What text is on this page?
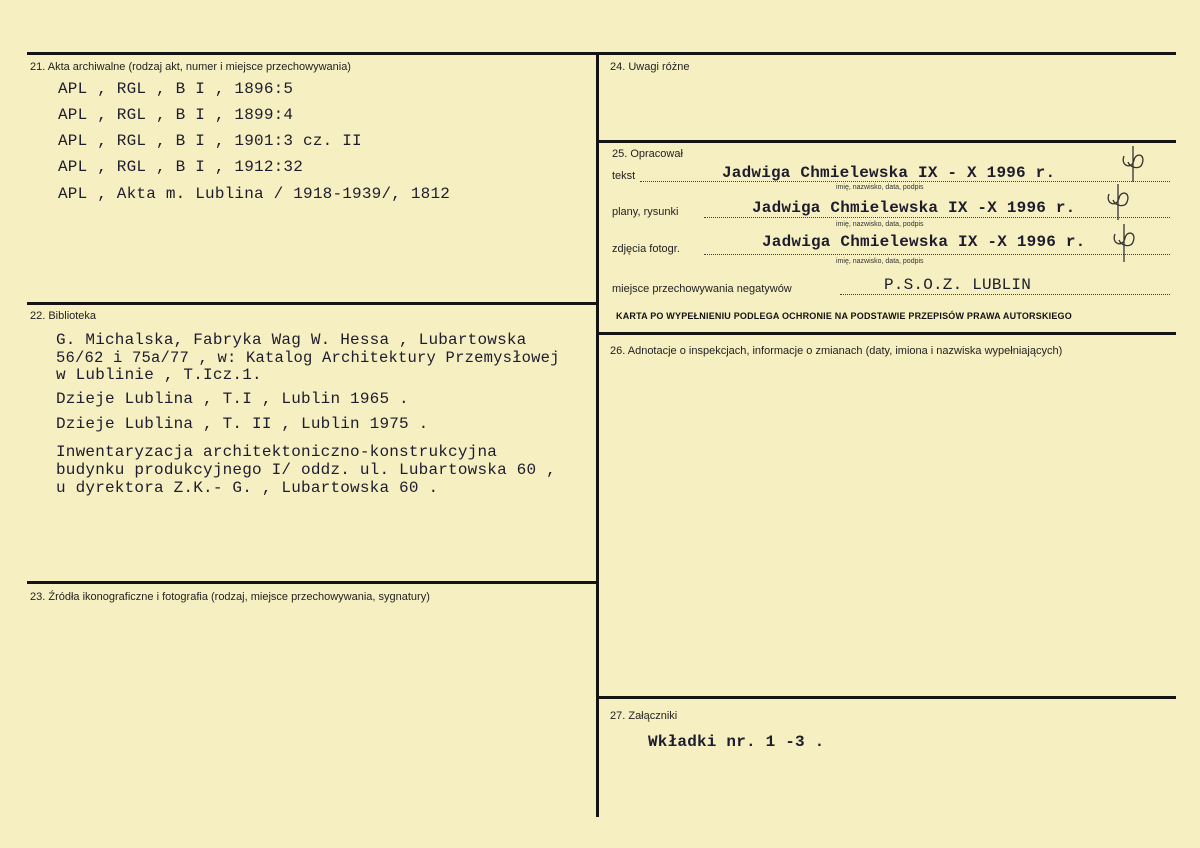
21. Akta archiwalne (rodzaj akt, numer i miejsce przechowywania)
APL , RGL , B I , 1896:5
APL , RGL , B I , 1899:4
APL , RGL , B I , 1901:3 cz. II
APL , RGL , B I , 1912:32
APL , Akta m. Lublina / 1918-1939/, 1812
22. Biblioteka
G. Michalska, Fabryka Wag W. Hessa , Lubartowska
56/62 i 75a/77 , w: Katalog Architektury Przemysłowej
w Lublinie , T.Icz.1.
Dzieje Lublina , T.I , Lublin 1965 .
Dzieje Lublina , T. II , Lublin 1975 .
Inwentaryzacja architektoniczno-konstrukcyjna
budynku produkcyjnego I/ oddz. ul. Lubartowska 60 ,
u dyrektora Z.K.- G. , Lubartowska 60 .
23. Źródła ikonograficzne i fotografia (rodzaj, miejsce przechowywania, sygnatury)
24. Uwagi różne
25. Opracował
tekst	Jadwiga Chmielewska IX - X 1996 r.
imię, nazwisko, data, podpis
plany, rysunki	Jadwiga Chmielewska IX -X 1996 r.
imię, nazwisko, data, podpis
zdjęcia fotogr.	Jadwiga Chmielewska IX -X 1996 r.
imię, nazwisko, data, podpis
miejsce przechowywania negatywów	P.S.O.Z. LUBLIN
KARTA PO WYPEŁNIENIU PODLEGA OCHRONIE NA PODSTAWIE PRZEPISÓW PRAWA AUTORSKIEGO
26. Adnotacje o inspekcjach, informacje o zmianach (daty, imiona i nazwiska wypełniających)
27. Załączniki
Wkładki nr. 1 -3 .
